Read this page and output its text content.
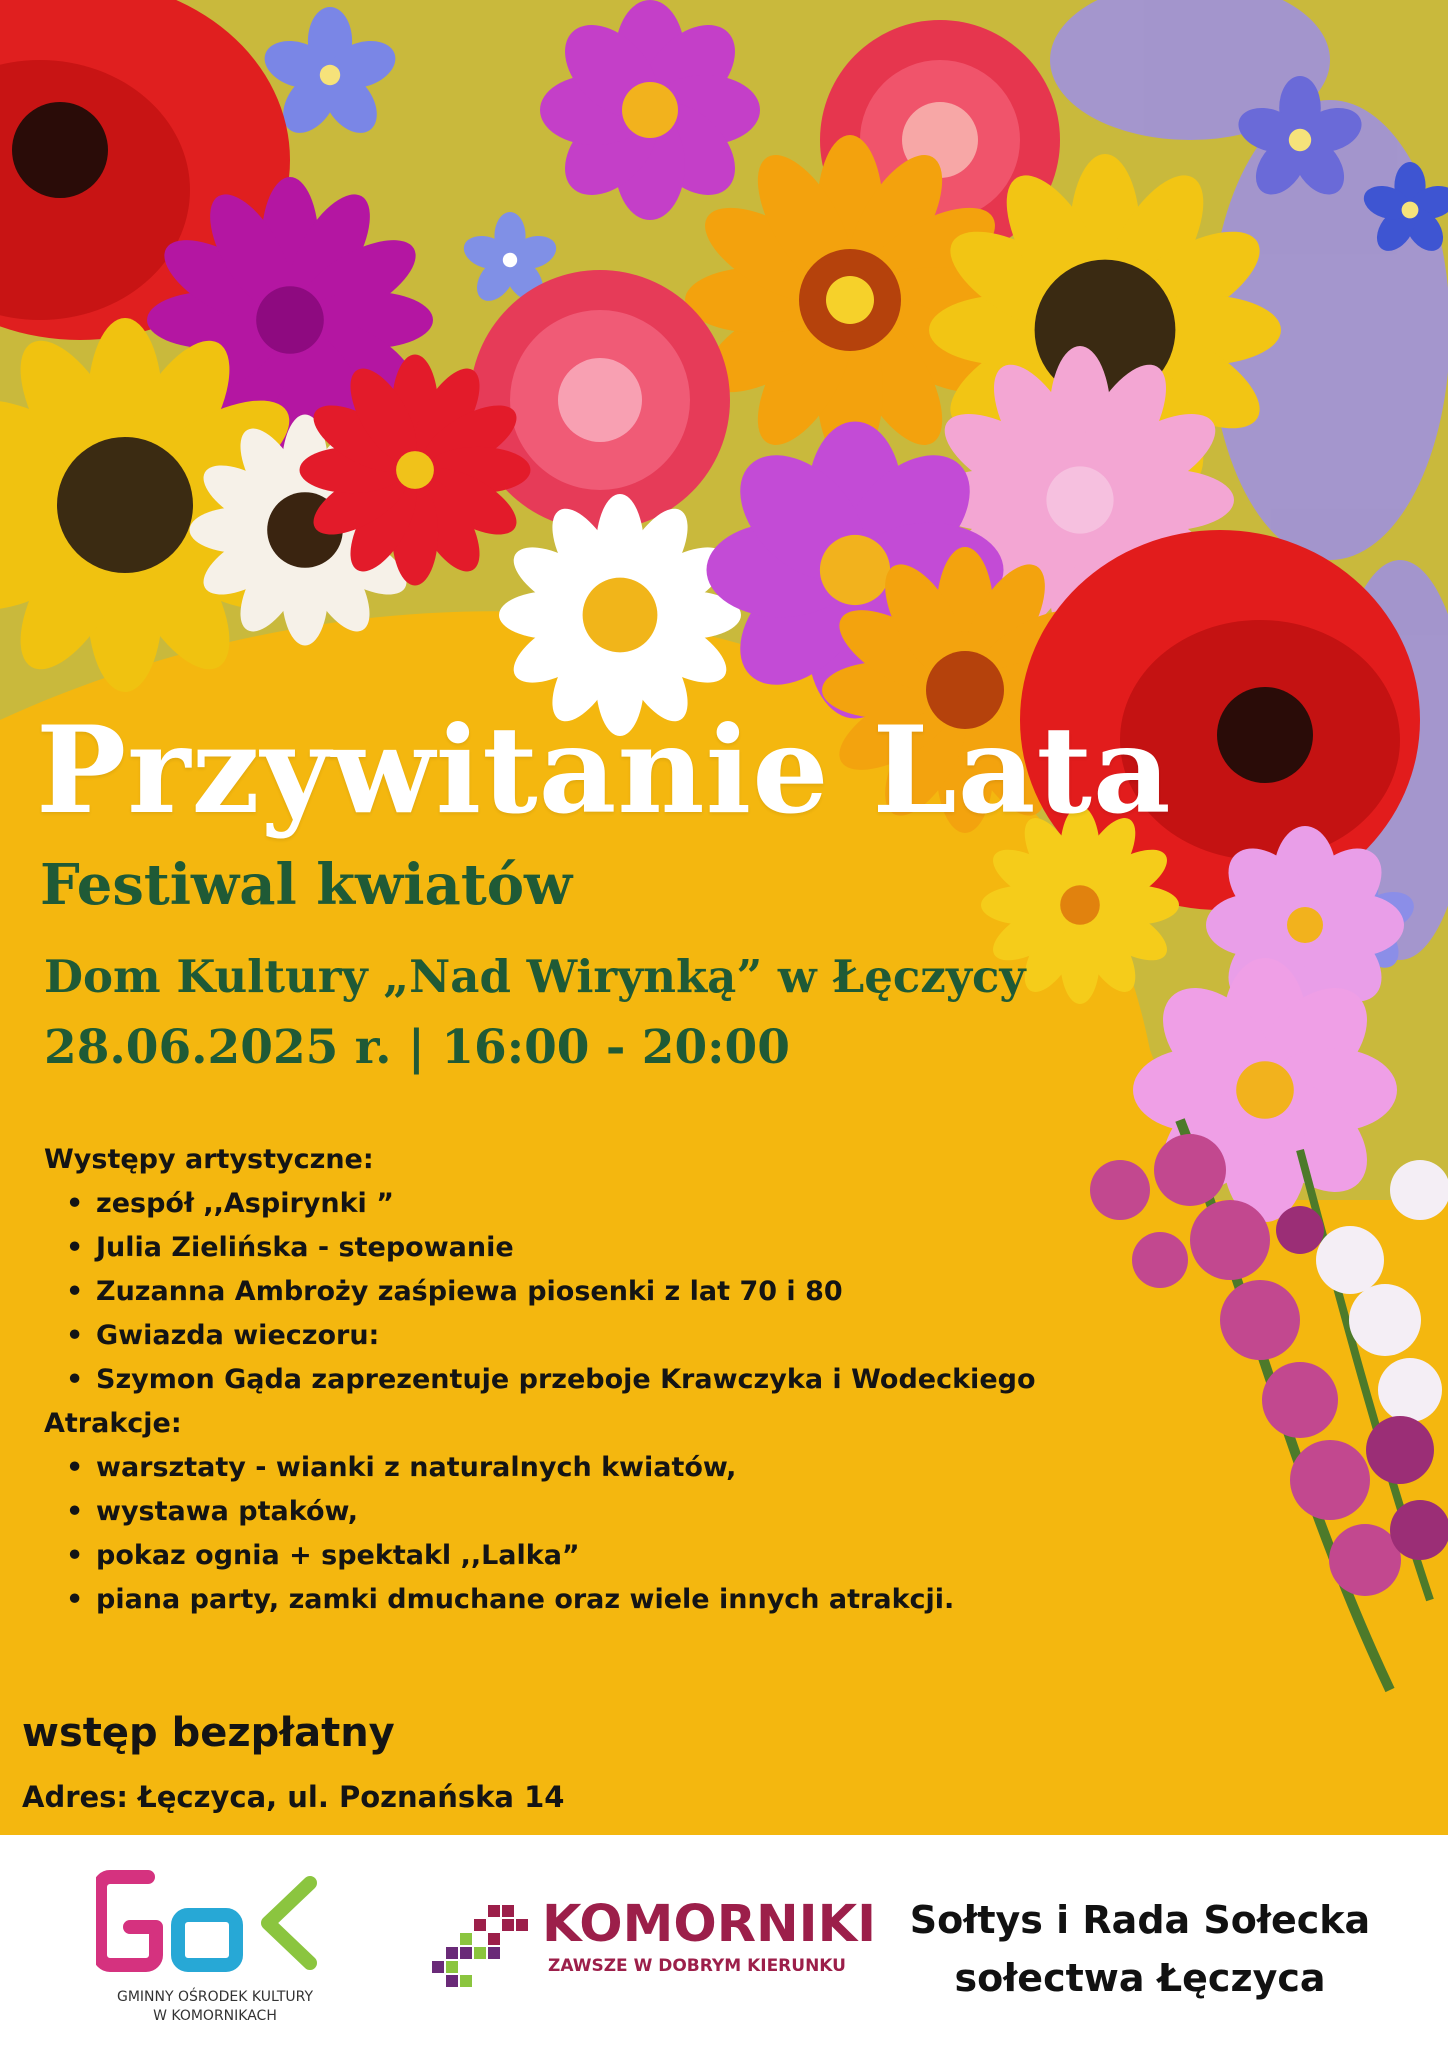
Przywitanie Lata
Festiwal kwiatów
Dom Kultury „Nad Wirynką” w Łęczycy
28.06.2025 r. | 16:00 - 20:00
Występy artystyczne:
• zespół ,,Aspirynki ”
• Julia Zielińska - stepowanie
• Zuzanna Ambroży zaśpiewa piosenki z lat 70 i 80
• Gwiazda wieczoru:
• Szymon Gąda zaprezentuje przeboje Krawczyka i Wodeckiego
Atrakcje:
• warsztaty - wianki z naturalnych kwiatów,
• wystawa ptaków,
• pokaz ognia + spektakl ,,Lalka”
• piana party, zamki dmuchane oraz wiele innych atrakcji.
wstęp bezpłatny
Adres: Łęczyca, ul. Poznańska 14
GMINNY OŚRODEK KULTURY
W KOMORNIKACH
KOMORNIKI
ZAWSZE W DOBRYM KIERUNKU
Sołtys i Rada Sołecka
sołectwa Łęczyca
